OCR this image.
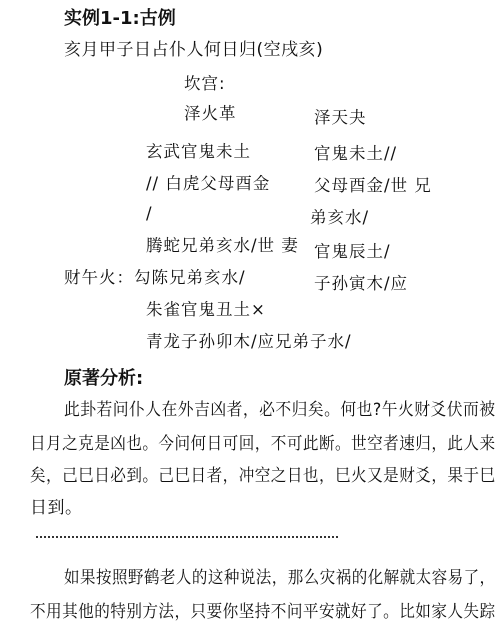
实例1-1:古例
亥月甲子日占仆人何日归(空戌亥)
坎宫:
泽火革	泽天夬
玄武官鬼未土
// 白虎父母酉金
/
腾蛇兄弟亥水/世 妻
财午火：勾陈兄弟亥水/
朱雀官鬼丑土×
青龙子孙卯木/应兄弟子水/
官鬼未土//
父母酉金/世 兄
弟亥水/
官鬼辰土/
子孙寅木/应
原著分析:
此卦若问仆人在外吉凶者，必不归矣。何也?午火财爻伏而被
日月之克是凶也。今问何日可回，不可此断。世空者速归，此人来
矣，己巳日必到。己巳日者，冲空之日也，巳火又是财爻，果于巳
日到。
如果按照野鹤老人的这种说法，那么灾祸的化解就太容易了，
不用其他的特别方法，只要你坚持不问平安就好了。比如家人失踪
